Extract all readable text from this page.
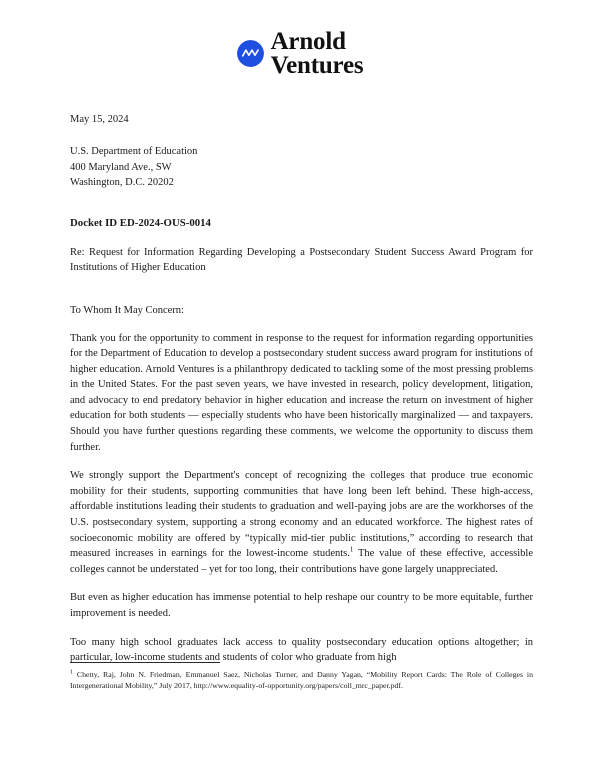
Arnold
Ventures
May 15, 2024
U.S. Department of Education
400 Maryland Ave., SW
Washington, D.C. 20202
Docket ID ED-2024-OUS-0014
Re: Request for Information Regarding Developing a Postsecondary Student Success Award Program for Institutions of Higher Education
To Whom It May Concern:

Thank you for the opportunity to comment in response to the request for information regarding opportunities for the Department of Education to develop a postsecondary student success award program for institutions of higher education. Arnold Ventures is a philanthropy dedicated to tackling some of the most pressing problems in the United States. For the past seven years, we have invested in research, policy development, litigation, and advocacy to end predatory behavior in higher education and increase the return on investment of higher education for both students — especially students who have been historically marginalized — and taxpayers. Should you have further questions regarding these comments, we welcome the opportunity to discuss them further.

We strongly support the Department's concept of recognizing the colleges that produce true economic mobility for their students, supporting communities that have long been left behind. These high-access, affordable institutions leading their students to graduation and well-paying jobs are are the workhorses of the U.S. postsecondary system, supporting a strong economy and an educated workforce. The highest rates of socioeconomic mobility are offered by “typically mid-tier public institutions,” according to research that measured increases in earnings for the lowest-income students.$^1$ The value of these effective, accessible colleges cannot be understated – yet for too long, their contributions have gone largely unappreciated.

But even as higher education has immense potential to help reshape our country to be more equitable, further improvement is needed.

Too many high school graduates lack access to quality postsecondary education options altogether; in particular, low-income students and students of color who graduate from high

$^1$ Chetty, Raj, John N. Friedman, Emmanuel Saez, Nicholas Turner, and Danny Yagan, “Mobility Report Cards: The Role of Colleges in Intergenerational Mobility,” July 2017, http://www.equality-of-opportunity.org/papers/coll_mrc_paper.pdf.
